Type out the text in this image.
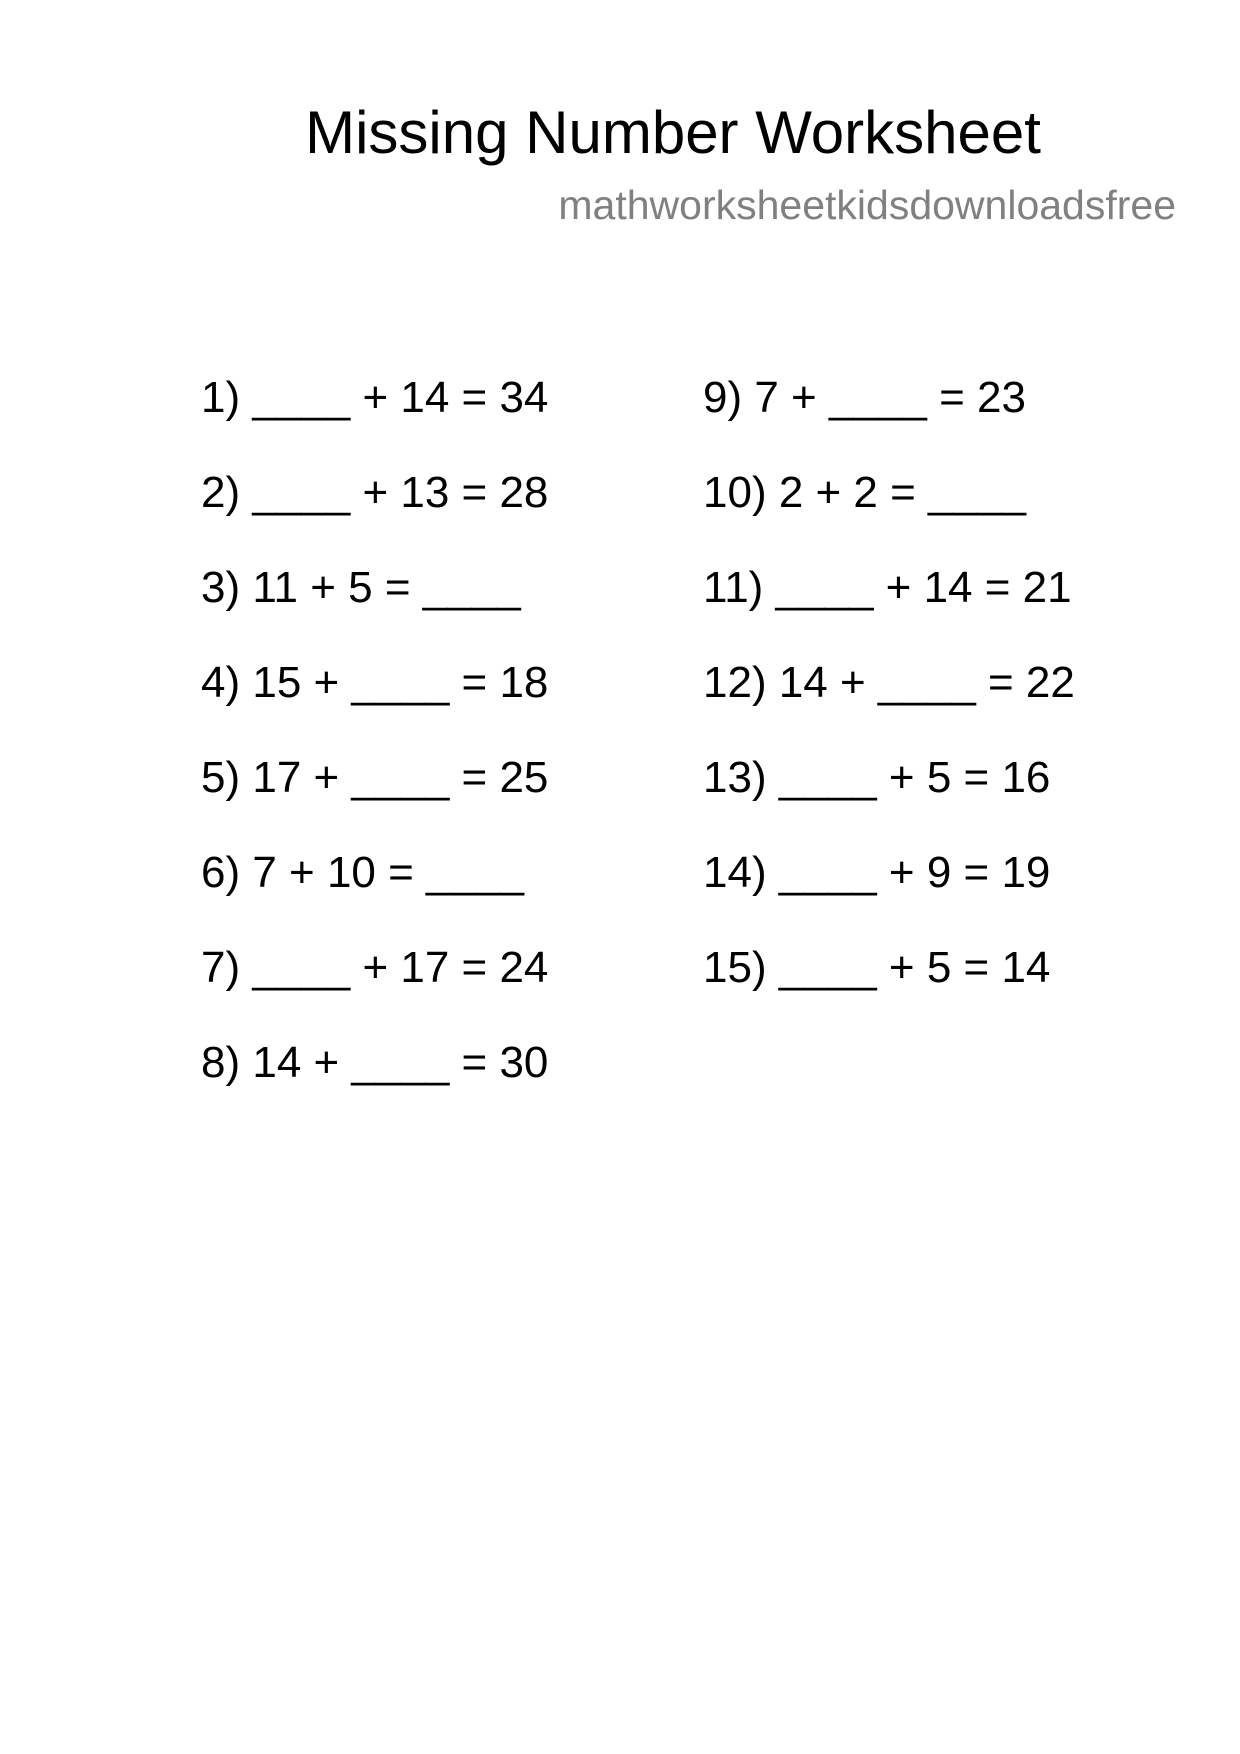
Missing Number Worksheet
mathworksheetkidsdownloadsfree
1) ____ + 14 = 34
2) ____ + 13 = 28
3) 11 + 5 = ____
4) 15 + ____ = 18
5) 17 + ____ = 25
6) 7 + 10 = ____
7) ____ + 17 = 24
8) 14 + ____ = 30
9) 7 + ____ = 23
10) 2 + 2 = ____
11) ____ + 14 = 21
12) 14 + ____ = 22
13) ____ + 5 = 16
14) ____ + 9 = 19
15) ____ + 5 = 14
